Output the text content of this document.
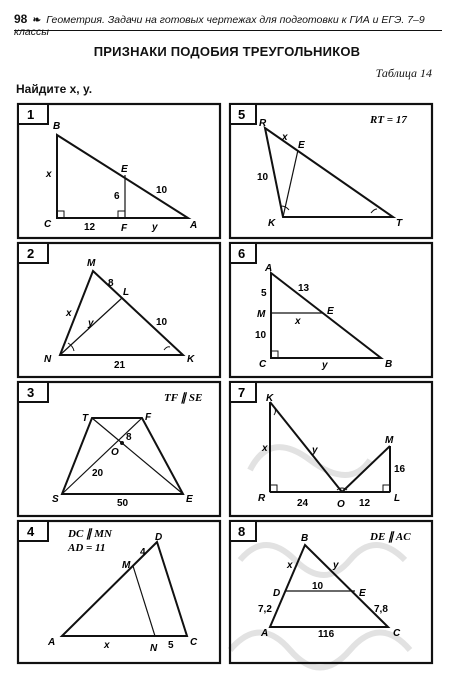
98  ❧  Геометрия. Задачи на готовых чертежах для подготовки к ГИА и ЕГЭ. 7–9 классы
ПРИЗНАКИ ПОДОБИЯ ТРЕУГОЛЬНИКОВ
Таблица 14
Найдите x, y.
1
B
C	A
E
F
x
12
6
10
y
5	RT = 17
R
E
K	T
x
10
2
M
L
N	K
8
10
21
x
y
6
A
M	E
C	B
5	13
10
x
y
3	TF ∥ SE
T	F
S	E
O
8
20
50
7 K
M
R
O
L
x	y
16
24	12
4	DC ∥ MN
AD = 11
A
D
M
N
C
4
5
x
8	DE ∥ AC
B
D	E
A	C
x	y
10
7,2	7,8
116
